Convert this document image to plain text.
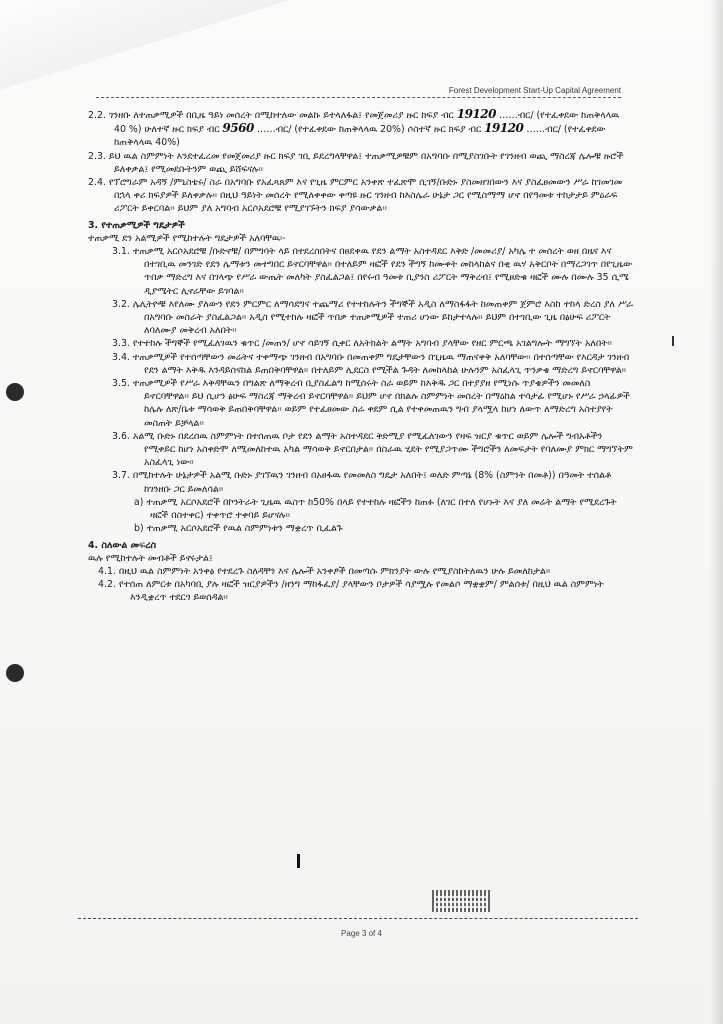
Forest Development Start-Up Capital Agreement

2.2. ገንዘቡ ለተጠቃሚዎች በቢዜ ዓይነ መሰረት በሚከተለው መልኩ ይተላለፋል፤ የመጀመሪያ ዙር ክፍያ ብር 19120 ……ብር/ (የተፈቀደው ከጠቅላላዉ 40 %) ሁለተኛ ዙር ክፍያ ብር 9560 ……ብር/ (የተፈቀደው ከጠቅላላዉ 20%) ሶስተኛ ዙር ክፍያ ብር 19120 ……ብር/ (የተፈቀደው ከጠቅላላዉ 40%)

2.3. ይህ ዉል ስምምነት እንደተፈረመ የመጀመሪያ ዙር ክፍያ ገቢ ይደረግላቸዋል፤ ተጠቃሚዎቹም በአግባቡ በሚያስገቡት የገንዘብ ወጪ ማስረጃ ሌሎቹ ዙሮች ይለቀቃል፤ የሚመደቡትንም ወጪ ይሸፍናሉ፡፡

2.4. የፕሮግራም አዳኝ /ምኒስቴሩ/ ስራ በአግባቡ የአፈጻጸም እና የጊዜ ምርምር አንቀጽ ተፈጽሞ ሲገኝ/ቡድኑ ያስመዘገበውን እና ያስፈፀመውን ሥራ ከገመገመ በኋላ ቀሪ ክፍያዎች ይለቀቃሉ፡፡ በዚህ ዓይነት መሰረት የሚለቀቀው ቀጣዩ ዙር ገንዘብ ከእስሌራ ሁኔታ ጋር የሚስማማ ሆኖ በየዓመቱ ተከታታይ ምዕራፍ ሪፖርት ይቀርባል፡፡ ይህም ያለ አግባብ አርሶአደሮቹ የሚያገኙትን ክፍያ ያሳውቃል፡፡

3. የተጠቃሚዎች ግዴታዎች

ተጠቃሚ ደን አልሚዎች የሚከተሉት ግዴታዎች አለባቸዉ፡-

3.1. ተጠቃሚ አርሶአደሮቹ /ቡድኖቹ/ በምግባት ላይ በተደረሰበትና በፀደቀዉ የደን ልማት አስተዳደር እቅድ /መመሪያ/ አካሌ ተ መሰረት ወዘ በዜና እና በተገቢዉ መንገድ የደን ሌማቱን መተግበር ይኖርባቸዋል፡፡ በተለይም ዛፎች የደን ችግኝ ከሙቀት መከላከልና በቂ ዉሃ አቅርቦት በማረጋገጥ በየጊዜው ጥበቃ ማድረግ እና በገላጭ የሥራ ውጤት መለካት ያስፈልጋል፤ በየሩብ ዓመቱ ቢያንስ ሪፖርት ማቅረብ፤ የሚፀድቁ ዛፎች ሙሉ በሙሉ 35 ሲሜ ዲያሜትር ሊኖራቸው ይገባል፡፡

3.2. ሌሊትዮቹ እየለሙ ያለውን የደን ምርምር ለማሳደግና ተጨማሪ የተተከሉትን ችግኞች አዲስ ለማስፋፋት ከመጠቀም ጀምሮ እስከ ተከላ ድረስ ያለ ሥራ በአግባቡ መስራት ያስፈልጋል፡፡ አዲስ የሚተከሉ ዛፎች ጥበቃ ተጠቃሚዎች ተጠሪ ሆነው ይከታተላሉ፡፡ ይህም በተገቢው ጊዜ በፅሁፍ ሪፖርት ለባለሙያ መቅረብ አለበት፡፡

3.3. የተተከሉ ችግኞች የሚፈለገዉን ቁጥር /መጠን/ ሆኖ ሳይገኝ ሲቀር ለአትክልት ልማት አግባብ ያላቸው የዘር ምርጫ አገልግሎት ማግኘት አለበት፡፡

3.4. ተጠቃሚዎች የተሰጣቸውን መሬትና ተቀማጭ ገንዘብ በአግባቡ በመጠቀም ግዴታቸውን በጊዜዉ ማጠናቀቅ አለባቸው፡፡ በተሰጣቸው የእርዳታ ገንዘብ የደን ልማት እቅዱ እንዳይሰናከል ይጠበቅባቸዋል፡፡ በተለይም ሊደርስ የሚችል ጉዳት ለመከላከል ሁሉንም አስፈላጊ ጥንቃቄ ማድረግ ይኖርባቸዋል፡፡

3.5. ተጠቃሚዎች የሥራ እቅዳቸዉን በግልጽ ለማቅረብ ቢያስፈልግ ከሚሰሩት ስራ ወይም ከእቅዱ ጋር በተያያዘ የሚነሱ ጥያቄዎችን መመለስ ይኖርባቸዋል፡፡ ይህ ሲሆን ፅሁፍ ማስረጃ ማቅረብ ይኖርባቸዋል፡፡ ይህም ሆኖ በክልሉ ስምምነት መሰረት በማዕከል ተሳታፊ የሚሆኑ የሥራ ኃላፊዎች ከሌሉ ለጽ/ቤቱ ማሳወቅ ይጠበቅባቸዋል፡፡ ወይም የተፈፀመው ስራ ቀደም ሲል የተቀመጠዉን ግብ ያላሟላ ከሆነ ለውጥ ለማድረግ አስተያየት መስጠት ይቻላል፡፡

3.6. አልሚ ቡድኑ በደረሰዉ ስምምነት በተሰጠዉ ቦታ የደን ልማት አስተዳደር ቅድሚያ የሚፈለገውን የዛፍ ዝርያ ቁጥር ወይም ሌሎች ግብአቶችን የሚቀይር ከሆነ አስቀድሞ ለሚመለከተዉ አካል ማሳወቅ ይኖርበታል፡፡ በስራዉ ሂደት የሚያጋጥሙ ችግሮችን ለመፍታት የባለሙያ ምክር ማግኘትም አስፈላጊ ነው፡፡

3.7. በሚከተሉት ሁኔታዎች አልሚ ቡድኑ ያገኘዉን ገንዘብ በአፀፋዉ የመመለስ ግዴታ አለበት፤ ወለድ ምጣኔ (8% (ስምንት በመቶ)) በዓመት ተሰልቶ ከገንዘቡ ጋር ይመለሳል፡፡

a) ተጠቃሚ አርሶአደሮች በኮንትራት ጊዜዉ ዉስጥ ከ50% በላይ የተተከሉ ዛፎችን ከጠፉ (ለገር በተለ የሆኑት እና ያለ መሬት ልማት የሚደረጉት ዛፎች በስተቀር) ተቀጥሮ ተቀባይ ይሆናሉ፡፡

b) ተጠቃሚ አርሶአደሮች የዉል ስምምነቱን ማቋረጥ ቢፈልጉ

4. ስለውል መፍረስ

ዉሉ የሚከተሉት መብቶች ይኖሩታል፤

4.1. በዚህ ዉል ስምምነት አንቀፅ የተደረጉ ስለዳቸን እና ሌሎች አንቀፆች በመጣሱ ምክንያት ውሉ የሚያስከትለዉን ሁሉ ይመለከታል፡፡

4.2. የተሰጠ ለምርቱ በአካባቢ ያሉ ዛፎች ዝርያዎችን /ዘንግ ማከፋፈያ/ ያላቸውን ቦታዎች ሳያሟሉ የመልሶ ማቋቋም/ ምልሰቱ/ በዚህ ዉል ስምምነት እንዲቋረጥ ተደርጎ ይወሰዳል፡፡

Page 3 of 4
